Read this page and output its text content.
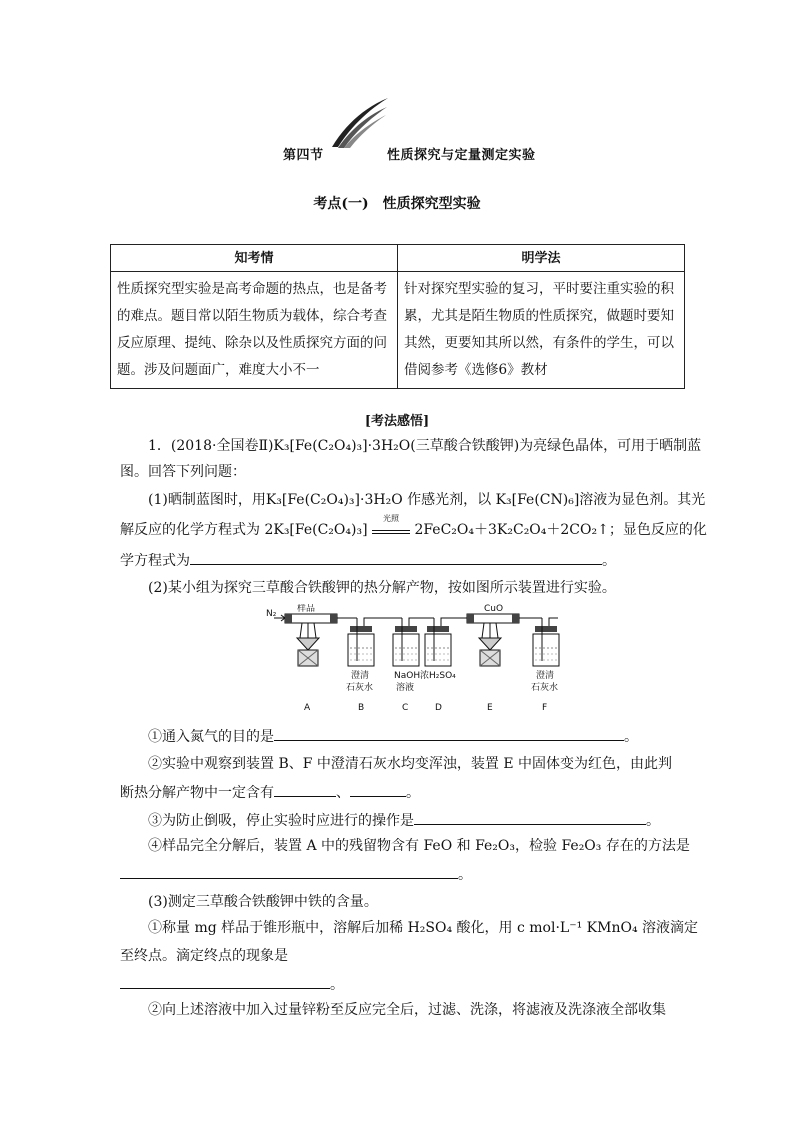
第四节	性质探究与定量测定实验
考点(一)　性质探究型实验
知考情	明学法
性质探究型实验是高考命题的热点，也是备考的难点。题目常以陌生物质为载体，综合考查反应原理、提纯、除杂以及性质探究方面的问题。涉及问题面广，难度大小不一	针对探究型实验的复习，平时要注重实验的积累，尤其是陌生物质的性质探究，做题时要知其然，更要知其所以然，有条件的学生，可以借阅参考《选修6》教材
[考法感悟]
1．(2018·全国卷Ⅱ)K₃[Fe(C₂O₄)₃]·3H₂O(三草酸合铁酸钾)为亮绿色晶体，可用于晒制蓝
图。回答下列问题：
(1)晒制蓝图时，用K₃[Fe(C₂O₄)₃]·3H₂O 作感光剂，以 K₃[Fe(CN)₆]溶液为显色剂。其光
解反应的化学方程式为 2K₃[Fe(C₂O₄)₃]
光照
2FeC₂O₄＋3K₂C₂O₄＋2CO₂↑；显色反应的化
学方程式为	。
(2)某小组为探究三草酸合铁酸钾的热分解产物，按如图所示装置进行实验。
N₂ 样品	CuO
澄清
石灰水
NaOH
溶液
浓H₂SO₄	澄清
石灰水
A	B	C	D	E	F
①通入氮气的目的是	。
②实验中观察到装置 B、F 中澄清石灰水均变浑浊，装置 E 中固体变为红色，由此判
断热分解产物中一定含有	、	。
③为防止倒吸，停止实验时应进行的操作是	。
④样品完全分解后，装置 A 中的残留物含有 FeO 和 Fe₂O₃，检验 Fe₂O₃ 存在的方法是
。
(3)测定三草酸合铁酸钾中铁的含量。
①称量 mg 样品于锥形瓶中，溶解后加稀 H₂SO₄ 酸化，用 c mol·L⁻¹ KMnO₄ 溶液滴定
至终点。滴定终点的现象是
。
②向上述溶液中加入过量锌粉至反应完全后，过滤、洗涤，将滤液及洗涤液全部收集
